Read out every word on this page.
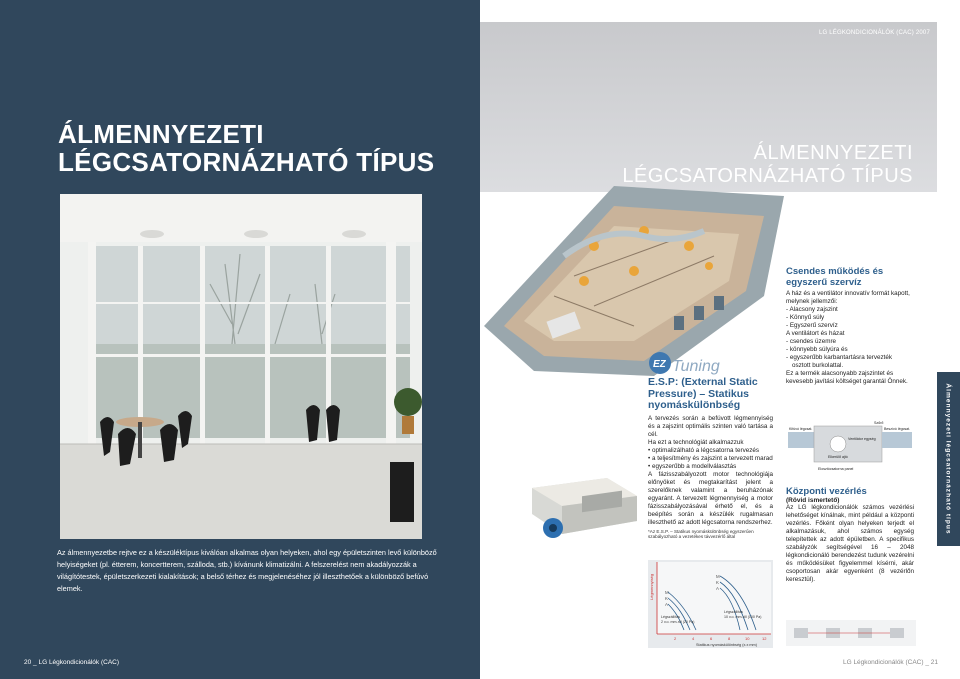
ÁLMENNYEZETI
LÉGCSATORNÁZHATÓ TÍPUS
Az álmennyezetbe rejtve ez a készüléktípus kiválóan alkalmas olyan helyeken, ahol egy épületszinten levő különböző helyiségeket (pl. étterem, koncertterem, szálloda, stb.) kívánunk klimatizálni. A felszerelést nem akadályozzák a világítótestek, épületszerkezeti kialakítások; a belső térhez és megjelenéséhez jól illeszthetőek a különböző befúvó elemek.
20 _ LG Légkondicionálók (CAC)
LG LÉGKONDICIONÁLÓK (CAC) 2007
ÁLMENNYEZETI
LÉGCSATORNÁZHATÓ TÍPUS
EZ Tuning
E.S.P: (External Static Pressure) – Statikus nyomáskülönbség
A tervezés során a befúvott légmennyiség és a zajszint optimális szinten való tartása a cél.
Ha ezt a technológiát alkalmazzuk
• optimalizálható a légcsatorna tervezés
• a teljesítmény és zajszint a tervezett marad
• egyszerűbb a modellválasztás
A fázisszabályozott motor technológiája előnyöket és megtakarítást jelent a szerelőknek valamint a beruházónak egyaránt. A tervezett légmennyiség a motor fázisszabályozásával érhető el, és a beépítés során a készülék rugalmasan illeszthető az adott légcsatorna rendszerhez.
*Az E.S.P. – Statikus nyomáskülönbség egyszerűen szabályozható a vezetékes távvezérlő által
Légmennyiség	M
K
A
M
K
A
Légszállítás
2 v.o. mm-ről (20 Pa)
Légszállítás
10 v.o. mm-ről (100 Pa)
2	4	6	8	10	12
Statikus nyomáskülönbség (x.x mm)
Csendes működés és egyszerű szervíz
A ház és a ventilátor innovatív formát kapott, melynek jellemzői:
- Alacsony zajszint
- Könnyű súly
- Egyszerű szervíz
A ventilátort és házat
- csendes üzemre
- könnyebb súlyúra és
- egyszerűbb karbantartásra tervezték
osztott burkolattal.
Ez a termék alacsonyabb zajszintet és kevesebb javítási költséget garantál Önnek.
Kifúvó légcsat.	Beszívó légcsat.
Ventilátor egység
Szűrő
Elkerülő ajtó
Elosztócsatorna panel
Központi vezérlés
(Rövid ismertető)
Az LG légkondicionálók számos vezérlési lehetőséget kínálnak, mint például a központi vezérlés. Főként olyan helyeken terjedt el alkalmazásuk, ahol számos egység telepítettek az adott épületben. A specifikus szabályzók segítségével 16 – 2048 légkondicionáló berendezést tudunk vezérelni és működésüket figyelemmel kísérni, akár csoportosan akár egyenként (8 vezérlőn keresztül).
Álmennyezeti légcsatornázható típus
LG Légkondicionálók (CAC) _ 21
